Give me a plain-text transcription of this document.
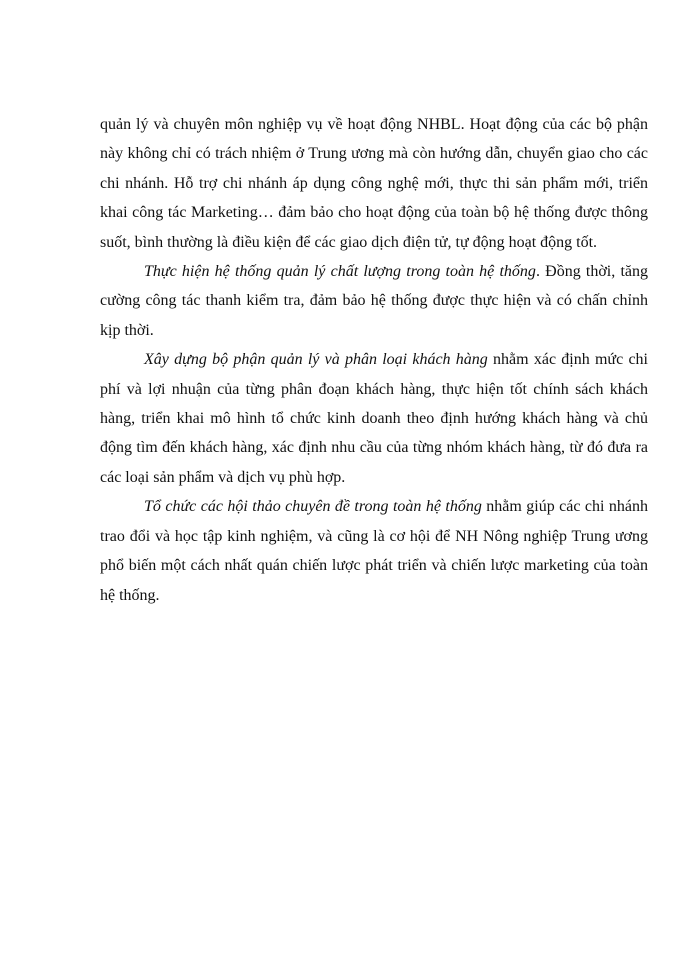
quản lý và chuyên môn nghiệp vụ về hoạt động NHBL. Hoạt động của các bộ phận này không chỉ có trách nhiệm ở Trung ương mà còn hướng dẫn, chuyển giao cho các chi nhánh. Hỗ trợ chi nhánh áp dụng công nghệ mới, thực thi sản phẩm mới, triển khai công tác Marketing… đảm bảo cho hoạt động của toàn bộ hệ thống được thông suốt, bình thường là điều kiện để các giao dịch điện tử, tự động hoạt động tốt.

Thực hiện hệ thống quản lý chất lượng trong toàn hệ thống. Đồng thời, tăng cường công tác thanh kiểm tra, đảm bảo hệ thống được thực hiện và có chấn chỉnh kịp thời.

Xây dựng bộ phận quản lý và phân loại khách hàng nhằm xác định mức chi phí và lợi nhuận của từng phân đoạn khách hàng, thực hiện tốt chính sách khách hàng, triển khai mô hình tổ chức kinh doanh theo định hướng khách hàng và chủ động tìm đến khách hàng, xác định nhu cầu của từng nhóm khách hàng, từ đó đưa ra các loại sản phẩm và dịch vụ phù hợp.

Tổ chức các hội thảo chuyên đề trong toàn hệ thống nhằm giúp các chi nhánh trao đổi và học tập kinh nghiệm, và cũng là cơ hội để NH Nông nghiệp Trung ương phổ biến một cách nhất quán chiến lược phát triển và chiến lược marketing của toàn hệ thống.
